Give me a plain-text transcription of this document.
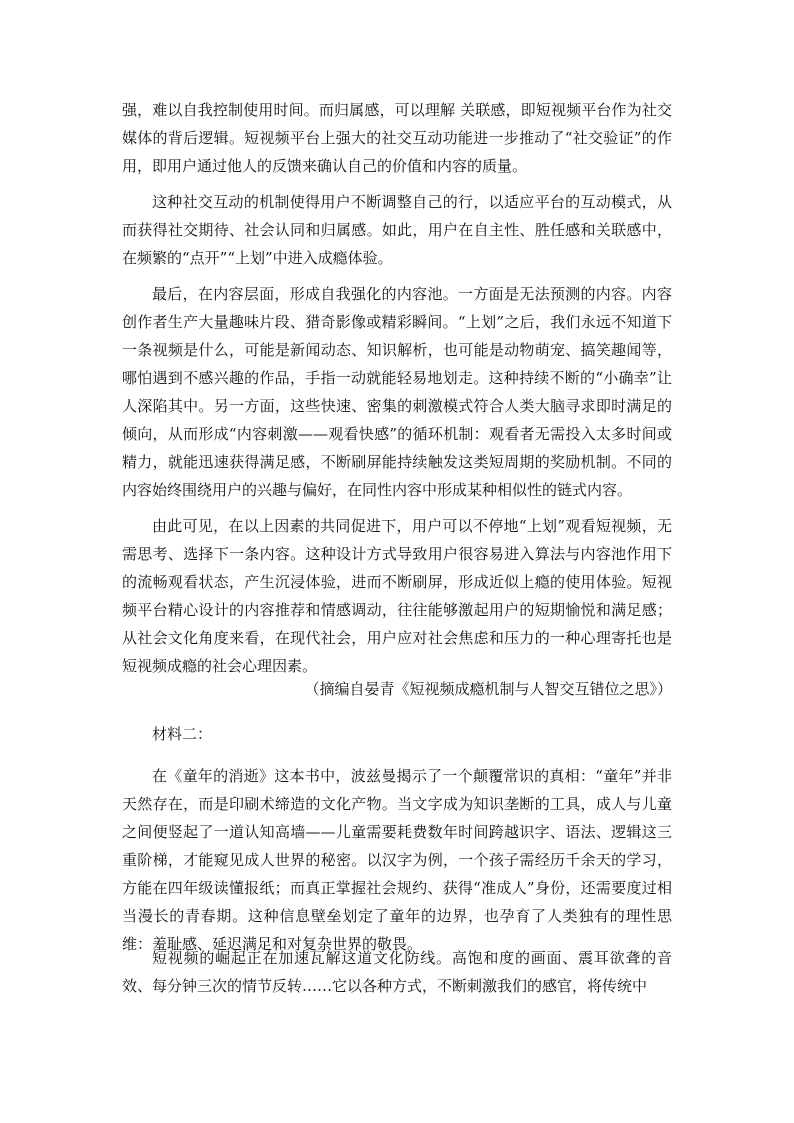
强，难以自我控制使用时间。而归属感，可以理解 关联感，即短视频平台作为社交媒体的背后逻辑。短视频平台上强大的社交互动功能进一步推动了“社交验证”的作用，即用户通过他人的反馈来确认自己的价值和内容的质量。

这种社交互动的机制使得用户不断调整自己的行，以适应平台的互动模式，从而获得社交期待、社会认同和归属感。如此，用户在自主性、胜任感和关联感中，在频繁的“点开”“上划”中进入成瘾体验。

最后，在内容层面，形成自我强化的内容池。一方面是无法预测的内容。内容创作者生产大量趣味片段、猎奇影像或精彩瞬间。“上划”之后，我们永远不知道下一条视频是什么，可能是新闻动态、知识解析，也可能是动物萌宠、搞笑趣闻等，哪怕遇到不感兴趣的作品，手指一动就能轻易地划走。这种持续不断的“小确幸”让人深陷其中。另一方面，这些快速、密集的刺激模式符合人类大脑寻求即时满足的倾向，从而形成“内容刺激——观看快感”的循环机制：观看者无需投入太多时间或精力，就能迅速获得满足感，不断刷屏能持续触发这类短周期的奖励机制。不同的内容始终围绕用户的兴趣与偏好，在同性内容中形成某种相似性的链式内容。

由此可见，在以上因素的共同促进下，用户可以不停地“上划”观看短视频，无需思考、选择下一条内容。这种设计方式导致用户很容易进入算法与内容池作用下的流畅观看状态，产生沉浸体验，进而不断刷屏，形成近似上瘾的使用体验。短视频平台精心设计的内容推荐和情感调动，往往能够激起用户的短期愉悦和满足感；从社会文化角度来看，在现代社会，用户应对社会焦虑和压力的一种心理寄托也是短视频成瘾的社会心理因素。

（摘编自晏青《短视频成瘾机制与人智交互错位之思》）

材料二：

在《童年的消逝》这本书中，波兹曼揭示了一个颠覆常识的真相：“童年”并非天然存在，而是印刷术缔造的文化产物。当文字成为知识垄断的工具，成人与儿童之间便竖起了一道认知高墙——儿童需要耗费数年时间跨越识字、语法、逻辑这三重阶梯，才能窥见成人世界的秘密。以汉字为例，一个孩子需经历千余天的学习，方能在四年级读懂报纸；而真正掌握社会规约、获得“准成人”身份，还需要度过相当漫长的青春期。这种信息壁垒划定了童年的边界，也孕育了人类独有的理性思维：羞耻感、延迟满足和对复杂世界的敬畏。

短视频的崛起正在加速瓦解这道文化防线。高饱和度的画面、震耳欲聋的音效、每分钟三次的情节反转……它以各种方式，不断刺激我们的感官，将传统中
